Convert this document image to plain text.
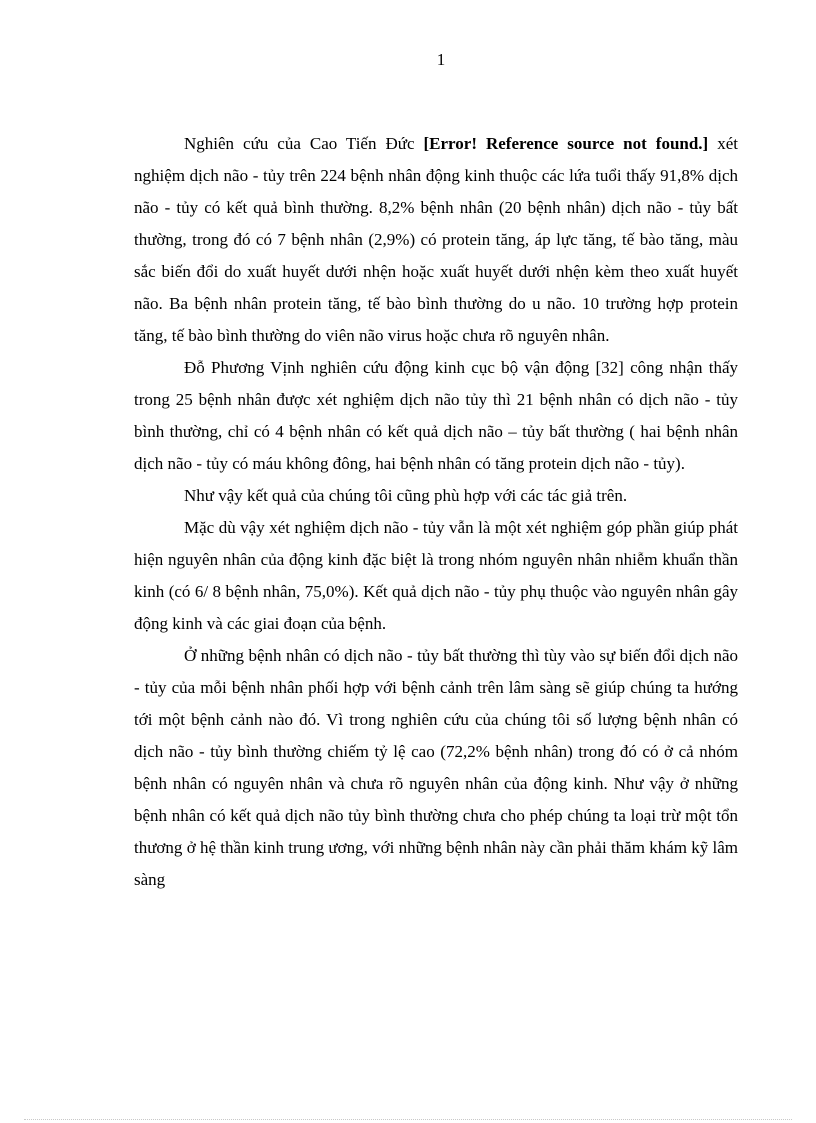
1

Nghiên cứu của Cao Tiến Đức [Error! Reference source not found.] xét nghiệm dịch não - tủy trên 224 bệnh nhân động kinh thuộc các lứa tuổi thấy 91,8% dịch não - tủy có kết quả bình thường. 8,2% bệnh nhân (20 bệnh nhân) dịch não - tủy bất thường, trong đó có 7 bệnh nhân (2,9%) có protein tăng, áp lực tăng, tế bào tăng, màu sắc biến đổi do xuất huyết dưới nhện hoặc xuất huyết dưới nhện kèm theo xuất huyết não. Ba bệnh nhân protein tăng, tế bào bình thường do u não. 10 trường hợp protein tăng, tế bào bình thường do viên não virus hoặc chưa rõ nguyên nhân.

Đỗ Phương Vịnh nghiên cứu động kinh cục bộ vận động [32] công nhận thấy trong 25 bệnh nhân được xét nghiệm dịch não tủy thì 21 bệnh nhân có dịch não - tủy bình thường, chỉ có 4 bệnh nhân có kết quả dịch não – tủy bất thường ( hai bệnh nhân dịch não - tủy có máu không đông, hai bệnh nhân có tăng protein dịch não - tủy).

Như vậy kết quả của chúng tôi cũng phù hợp với các tác giả trên.

Mặc dù vậy xét nghiệm dịch não - tủy vẫn là một xét nghiệm góp phần giúp phát hiện nguyên nhân của động kinh đặc biệt là trong nhóm nguyên nhân nhiễm khuẩn thần kinh (có 6/ 8 bệnh nhân, 75,0%). Kết quả dịch não - tủy phụ thuộc vào nguyên nhân gây động kinh và các giai đoạn của bệnh.

Ở những bệnh nhân có dịch não - tủy bất thường thì tùy vào sự biến đổi dịch não - tủy của mỗi bệnh nhân phối hợp với bệnh cảnh trên lâm sàng sẽ giúp chúng ta hướng tới một bệnh cảnh nào đó. Vì trong nghiên cứu của chúng tôi số lượng bệnh nhân có dịch não - tủy bình thường chiếm tỷ lệ cao (72,2% bệnh nhân) trong đó có ở cả nhóm bệnh nhân có nguyên nhân và chưa rõ nguyên nhân của động kinh. Như vậy ở những bệnh nhân có kết quả dịch não tủy bình thường chưa cho phép chúng ta loại trừ một tổn thương ở hệ thần kinh trung ương, với những bệnh nhân này cần phải thăm khám kỹ lâm sàng
